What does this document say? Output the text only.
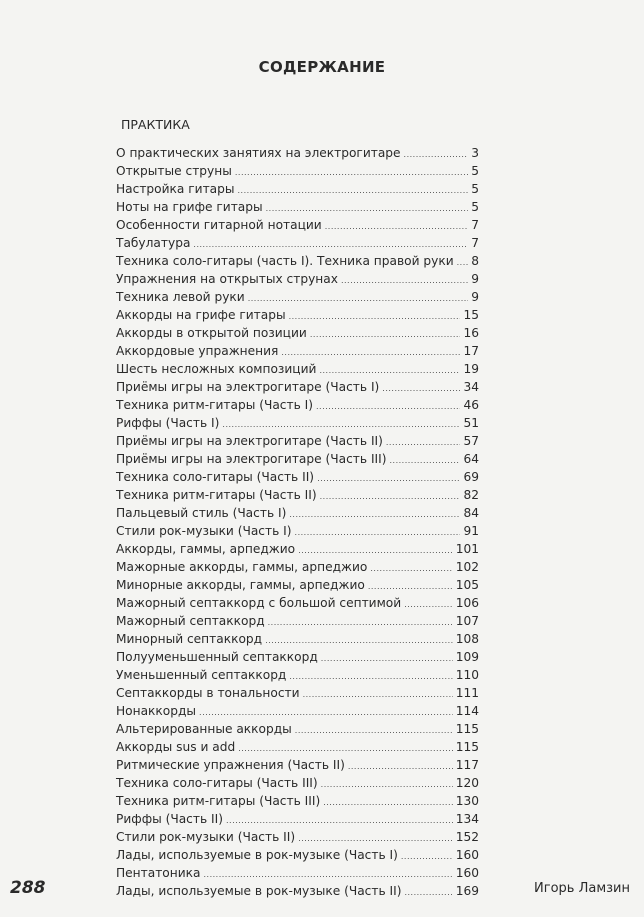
СОДЕРЖАНИЕ
ПРАКТИКА
О практических занятиях на электрогитаре .....	3
Открытые струны .....	5
Настройка гитары .....	5
Ноты на грифе гитары .....	5
Особенности гитарной нотации .....	7
Табулатура .....	7
Техника соло-гитары (часть I). Техника правой руки ..... 8
Упражнения на открытых струнах .....	9
Техника левой руки .....	9
Аккорды на грифе гитары .....	15
Аккорды в открытой позиции .....	16
Аккордовые упражнения .....	17
Шесть несложных композиций .....	19
Приёмы игры на электрогитаре (Часть I) .....	34
Техника ритм-гитары (Часть I) .....	46
Риффы (Часть I) .....	51
Приёмы игры на электрогитаре (Часть II) .....	57
Приёмы игры на электрогитаре (Часть III) .....	64
Техника соло-гитары (Часть II) .....	69
Техника ритм-гитары (Часть II) .....	82
Пальцевый стиль (Часть I) .....	84
Стили рок-музыки (Часть I) .....	91
Аккорды, гаммы, арпеджио .....	101
Мажорные аккорды, гаммы, арпеджио .....	102
Минорные аккорды, гаммы, арпеджио .....	105
Мажорный септаккорд с большой септимой .....	106
Мажорный септаккорд .....	107
Минорный септаккорд .....	108
Полууменьшенный септаккорд .....	109
Уменьшенный септаккорд .....	110
Септаккорды в тональности .....	111
Нонаккорды .....	114
Альтерированные аккорды .....	115
Аккорды sus и add .....	115
Ритмические упражнения (Часть II) .....	117
Техника соло-гитары (Часть III) .....	120
Техника ритм-гитары (Часть III) .....	130
Риффы (Часть II) .....	134
Стили рок-музыки (Часть II) .....	152
Лады, используемые в рок-музыке (Часть I) .....	160
Пентатоника .....	160
Лады, используемые в рок-музыке (Часть II) .....	169
288	Игорь Ламзин
